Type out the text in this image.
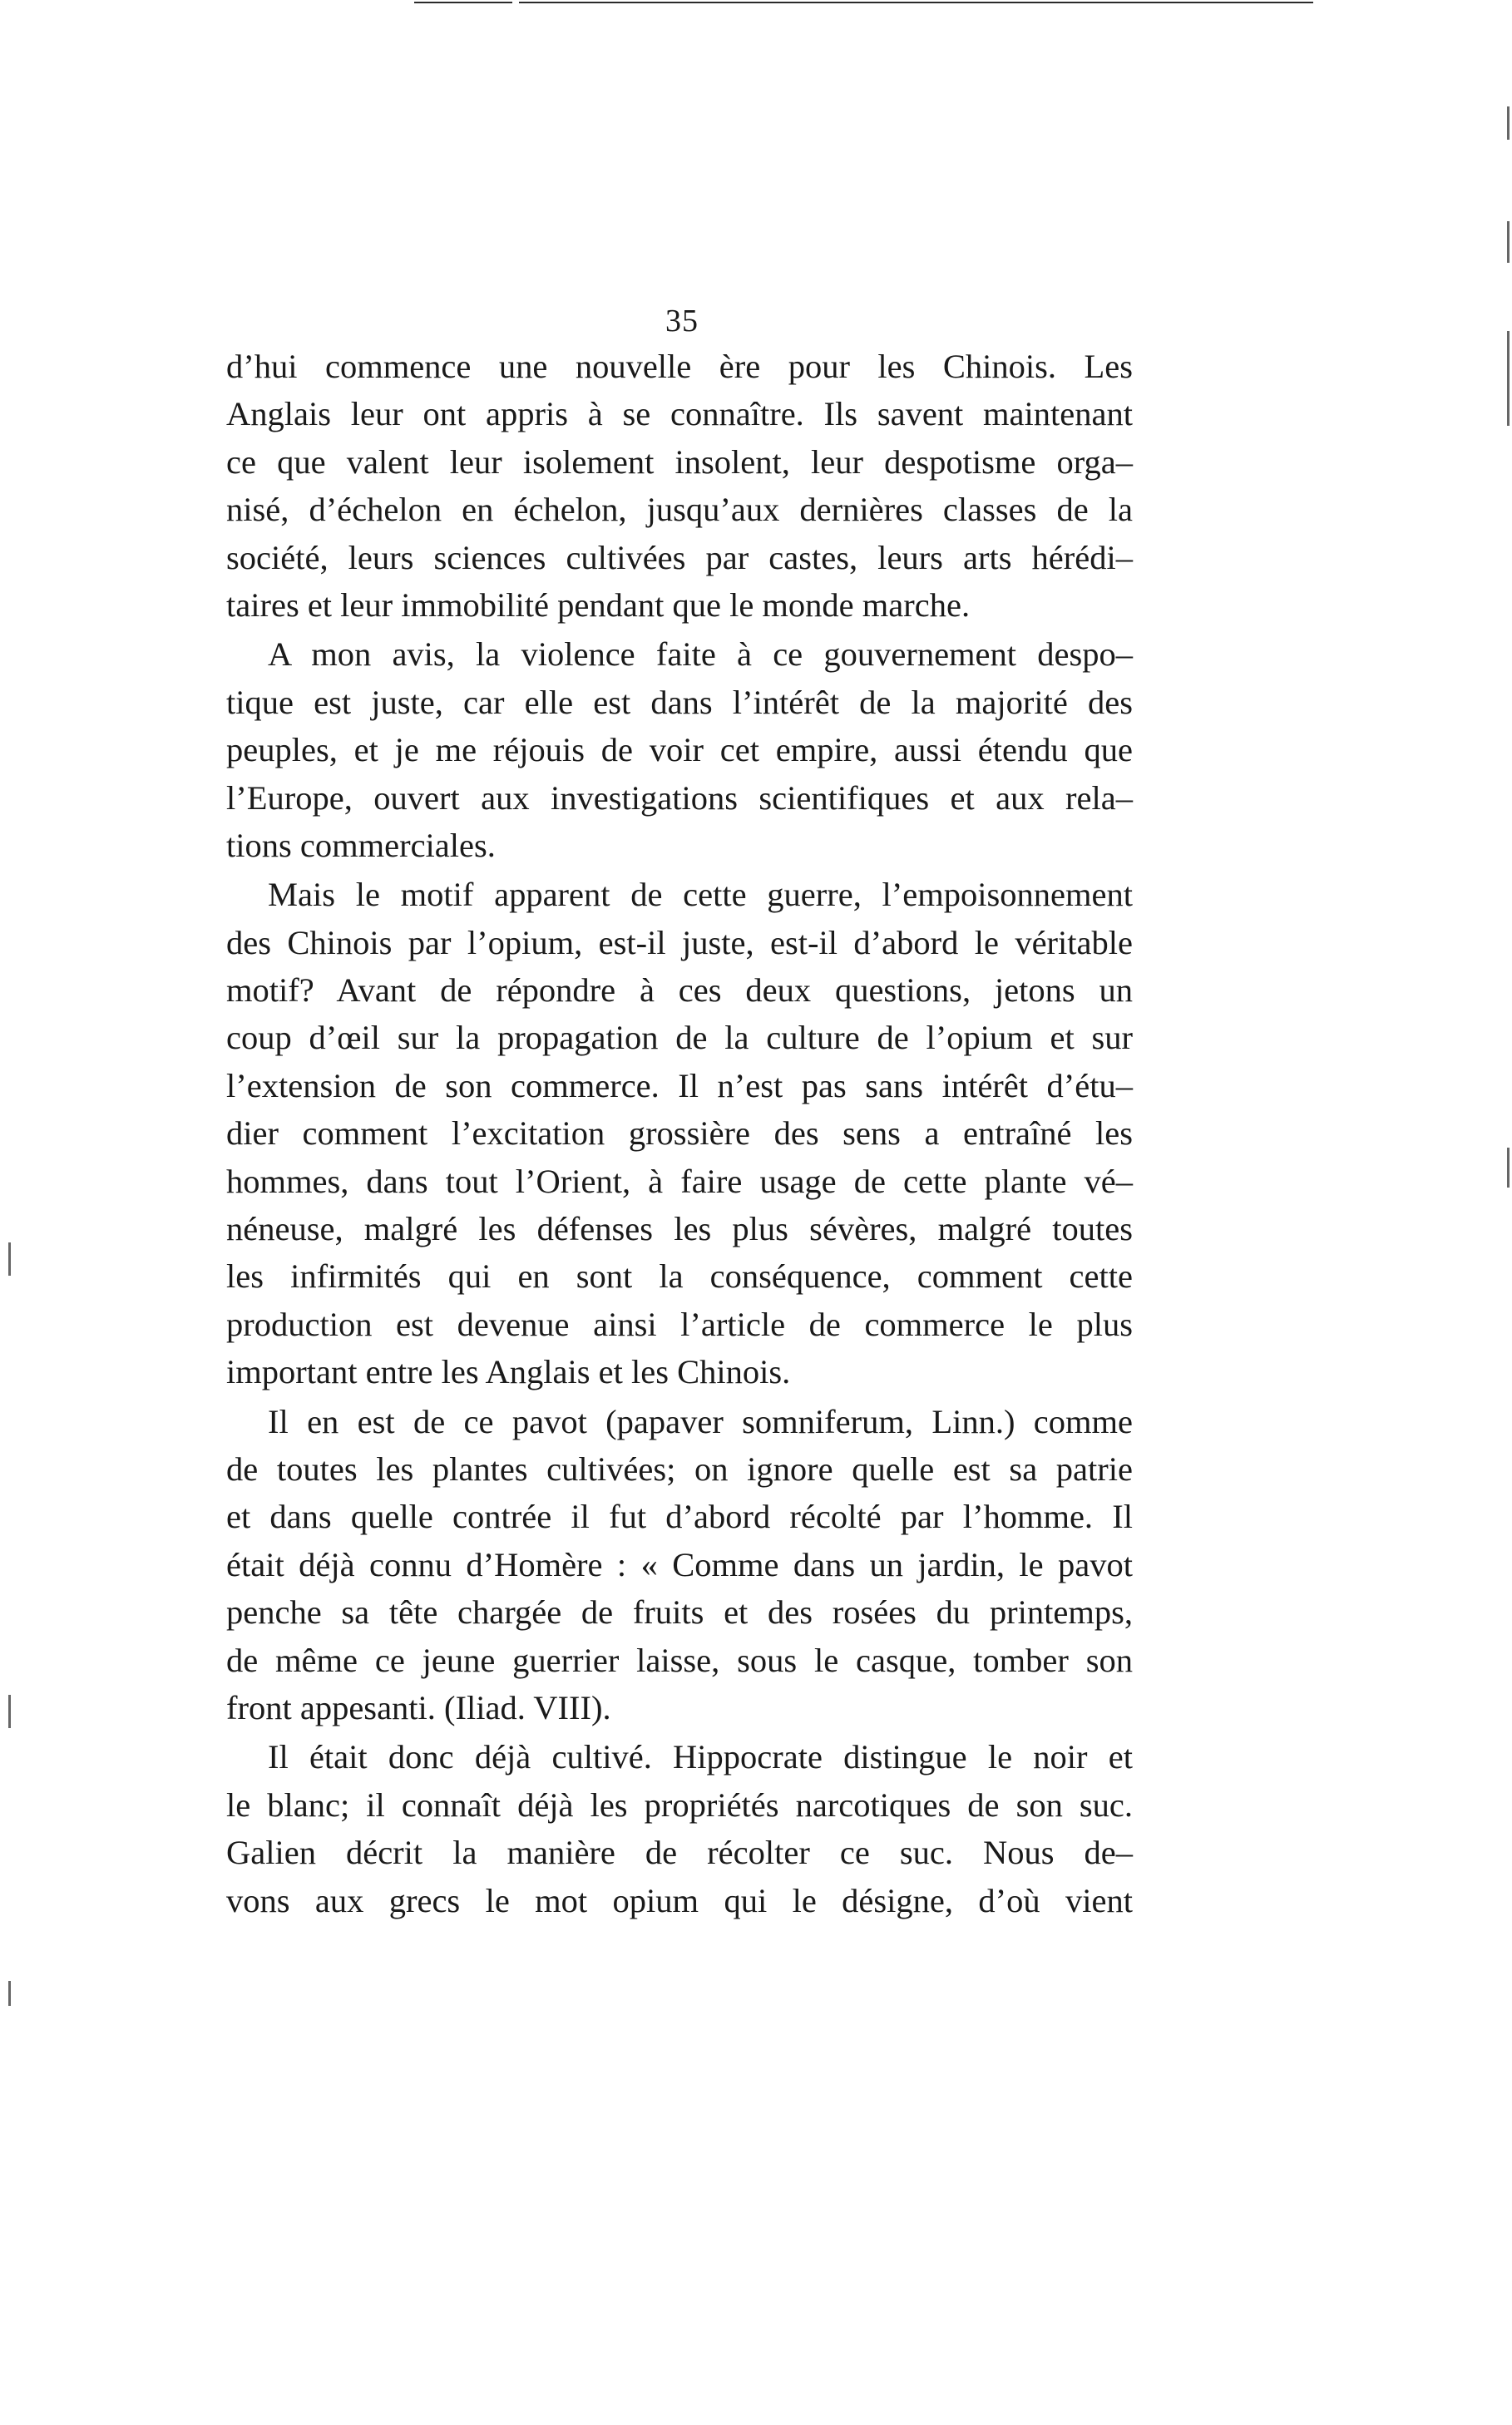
35
d’hui commence une nouvelle ère pour les Chinois. Les
Anglais leur ont appris à se connaître. Ils savent maintenant
ce que valent leur isolement insolent, leur despotisme orga–
nisé, d’échelon en échelon, jusqu’aux dernières classes de la
société, leurs sciences cultivées par castes, leurs arts hérédi–
taires et leur immobilité pendant que le monde marche.
A mon avis, la violence faite à ce gouvernement despo–
tique est juste, car elle est dans l’intérêt de la majorité des
peuples, et je me réjouis de voir cet empire, aussi étendu que
l’Europe, ouvert aux investigations scientifiques et aux rela–
tions commerciales.
Mais le motif apparent de cette guerre, l’empoisonnement
des Chinois par l’opium, est-il juste, est-il d’abord le véritable
motif? Avant de répondre à ces deux questions, jetons un
coup d’œil sur la propagation de la culture de l’opium et sur
l’extension de son commerce. Il n’est pas sans intérêt d’étu–
dier comment l’excitation grossière des sens a entraîné les
hommes, dans tout l’Orient, à faire usage de cette plante vé–
néneuse, malgré les défenses les plus sévères, malgré toutes
les infirmités qui en sont la conséquence, comment cette
production est devenue ainsi l’article de commerce le plus
important entre les Anglais et les Chinois.
Il en est de ce pavot (papaver somniferum, Linn.) comme
de toutes les plantes cultivées; on ignore quelle est sa patrie
et dans quelle contrée il fut d’abord récolté par l’homme. Il
était déjà connu d’Homère : « Comme dans un jardin, le pavot
penche sa tête chargée de fruits et des rosées du printemps,
de même ce jeune guerrier laisse, sous le casque, tomber son
front appesanti. (Iliad. VIII).
Il était donc déjà cultivé. Hippocrate distingue le noir et
le blanc; il connaît déjà les propriétés narcotiques de son suc.
Galien décrit la manière de récolter ce suc. Nous de–
vons aux grecs le mot opium qui le désigne, d’où vient
